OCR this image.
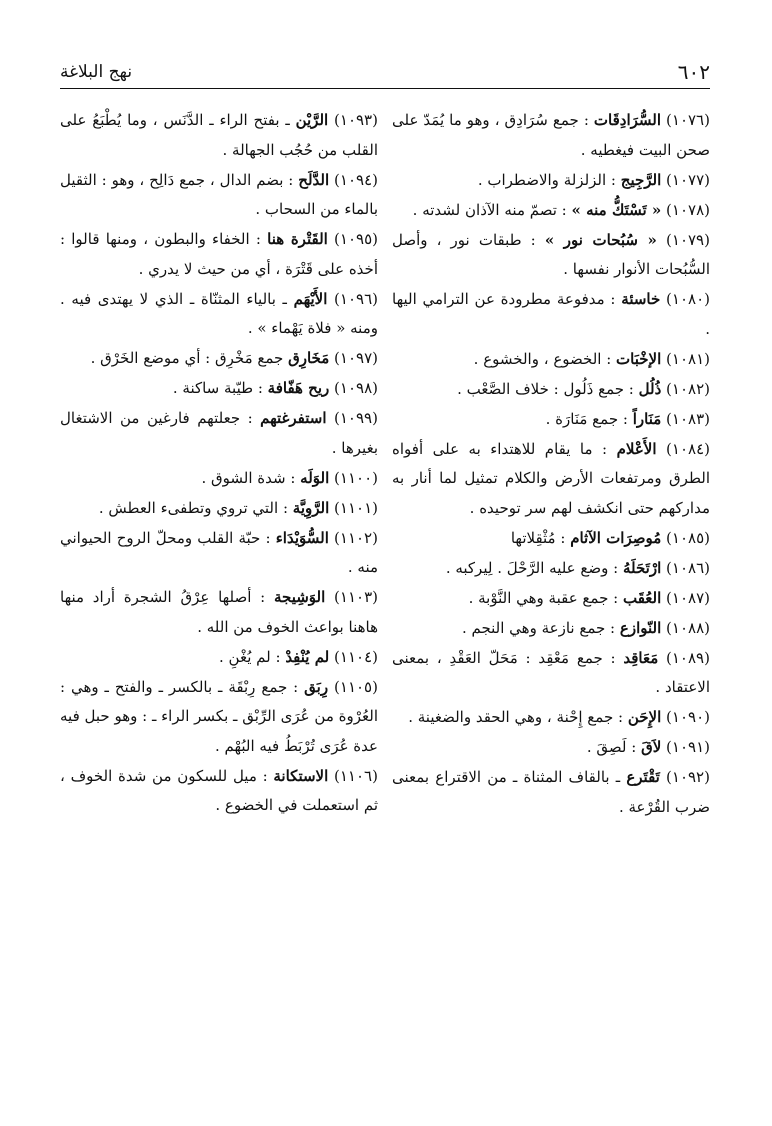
٦٠٢
نهج البلاغة
(١٠٧٦) السُّرَادِقَات : جمع سُرَادِق ، وهو ما يُمَدّ على صحن البيت فيغطيه .
(١٠٧٧) الرَّجِيج : الزلزلة والاضطراب .
(١٠٧٨) « تَسْتَكُّ منه » : تصمّ منه الآذان لشدته .
(١٠٧٩) « سُبُحات نور » : طبقات نور ، وأصل السُّبُحات الأنوار نفسها .
(١٠٨٠) خاسئة : مدفوعة مطرودة عن الترامي اليها .
(١٠٨١) الإخْبَات : الخضوع ، والخشوع .
(١٠٨٢) ذُلُل : جمع ذَلُول : خلاف الصَّعْب .
(١٠٨٣) مَنَاراً : جمع مَنَارَة .
(١٠٨٤) الأَعْلام : ما يقام للاهتداء به على أفواه الطرق ومرتفعات الأرض والكلام تمثيل لما أنار به مداركهم حتى انكشف لهم سر توحيده .
(١٠٨٥) مُوصِرَات الآثام : مُثْقِلاتها
(١٠٨٦) ارْتَحَلَهُ : وضع عليه الرَّحْلَ . لِيركبه .
(١٠٨٧) العُقَب : جمع عقبة وهي النَّوْبة .
(١٠٨٨) النّوازع : جمع نازعة وهي النجم .
(١٠٨٩) مَعَاقِد : جمع مَعْقِد : مَحَلّ العَقْدِ ، بمعنى الاعتقاد .
(١٠٩٠) الإِحَن : جمع إِحْنة ، وهي الحقد والضغينة .
(١٠٩١) لاَقَ : لَصِقَ .
(١٠٩٢) تَقْتَرع ـ بالقاف المثناة ـ من الاقتراع بمعنى ضرب القُرْعة .
(١٠٩٣) الرَّيْن ـ بفتح الراء ـ الدَّنَس ، وما يُطْبَعُ على القلب من حُجُب الجهالة .
(١٠٩٤) الدَّلَح : بضم الدال ، جمع دَالِح ، وهو : الثقيل بالماء من السحاب .
(١٠٩٥) القَتْرة هنا : الخفاء والبطون ، ومنها قالوا : أخذه على قَتْرَة ، أي من حيث لا يدري .
(١٠٩٦) الأَيْهَم ـ بالياء المثنّاة ـ الذي لا يهتدى فيه . ومنه « فلاة يَهْماء » .
(١٠٩٧) مَخَارِق جمع مَخْرِق : أي موضع الخَرْق .
(١٠٩٨) ريح هَفّافة : طيّبة ساكنة .
(١٠٩٩) استفرغتهم : جعلتهم فارغين من الاشتغال بغيرها .
(١١٠٠) الوَلَه : شدة الشوق .
(١١٠١) الرَّوِيَّة : التي تروي وتطفىء العطش .
(١١٠٢) السُّوَيْدَاء : حبّة القلب ومحلّ الروح الحيواني منه .
(١١٠٣) الوَشِيجة : أصلها عِرْقُ الشجرة أراد منها هاهنا بواعث الخوف من الله .
(١١٠٤) لم يُنْفِدْ : لم يُغْنِ .
(١١٠٥) رِبَق : جمع رِبْقَة ـ بالكسر ـ والفتح ـ وهي : العُرْوة من عُرَى الرِّبْق ـ بكسر الراء ـ : وهو حبل فيه عدة عُرَى تُرْبَطُ فيه البُهْم .
(١١٠٦) الاستكانة : ميل للسكون من شدة الخوف ، ثم استعملت في الخضوع .
